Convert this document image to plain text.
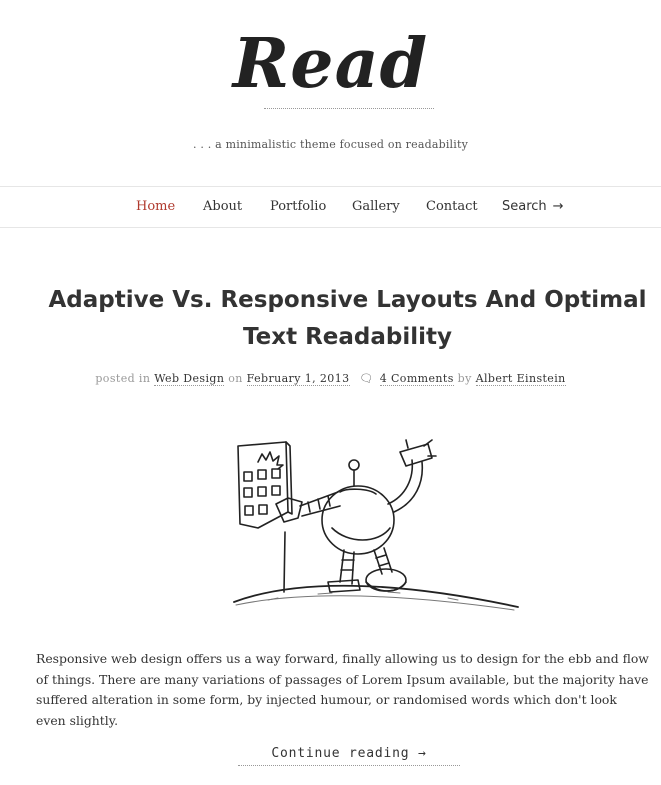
Read
. . . a minimalistic theme focused on readability
Home About Portfolio Gallery Contact Search →
Adaptive Vs. Responsive Layouts And Optimal Text Readability
posted in Web Design on February 1, 2013 🗨 4 Comments by Albert Einstein

Responsive web design offers us a way forward, finally allowing us to design for the ebb and flow of things. There are many variations of passages of Lorem Ipsum available, but the majority have suffered alteration in some form, by injected humour, or randomised words which don't look even slightly.

Continue reading →
